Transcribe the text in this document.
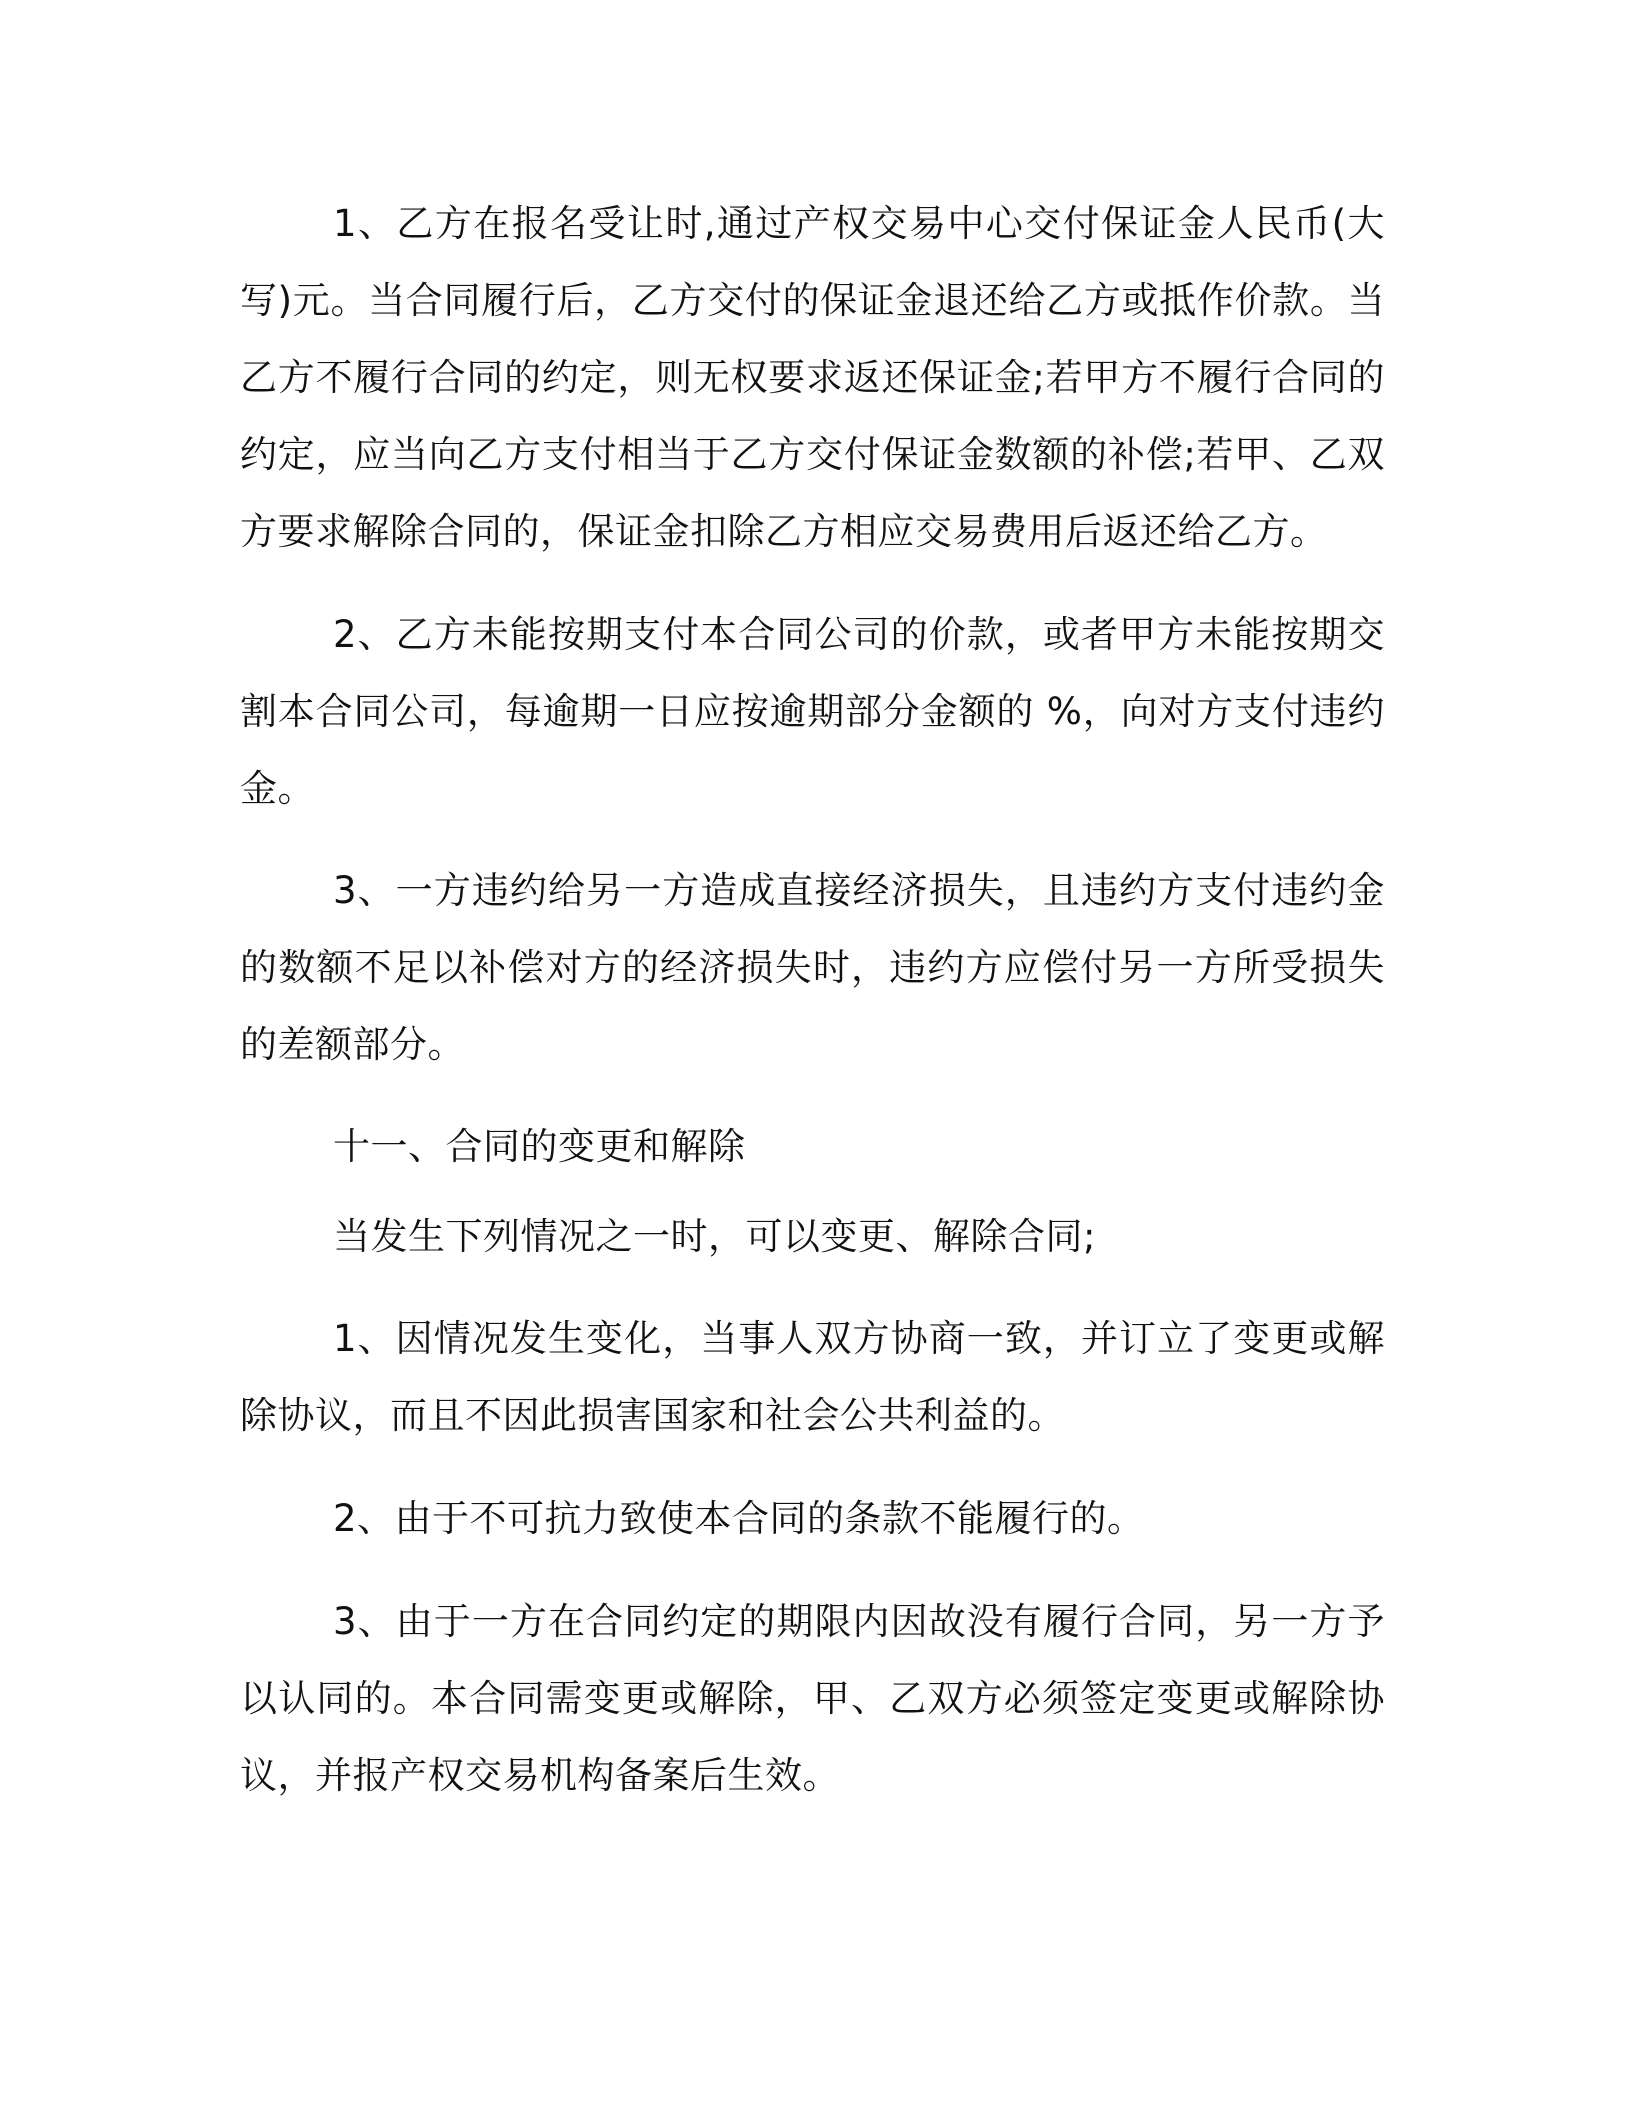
1、乙方在报名受让时,通过产权交易中心交付保证金人民币(大写)元。当合同履行后，乙方交付的保证金退还给乙方或抵作价款。当乙方不履行合同的约定，则无权要求返还保证金;若甲方不履行合同的约定，应当向乙方支付相当于乙方交付保证金数额的补偿;若甲、乙双方要求解除合同的，保证金扣除乙方相应交易费用后返还给乙方。

2、乙方未能按期支付本合同公司的价款，或者甲方未能按期交割本合同公司，每逾期一日应按逾期部分金额的 %，向对方支付违约金。

3、一方违约给另一方造成直接经济损失，且违约方支付违约金的数额不足以补偿对方的经济损失时，违约方应偿付另一方所受损失的差额部分。

十一、合同的变更和解除

当发生下列情况之一时，可以变更、解除合同;

1、因情况发生变化，当事人双方协商一致，并订立了变更或解除协议，而且不因此损害国家和社会公共利益的。

2、由于不可抗力致使本合同的条款不能履行的。

3、由于一方在合同约定的期限内因故没有履行合同，另一方予以认同的。本合同需变更或解除，甲、乙双方必须签定变更或解除协议，并报产权交易机构备案后生效。
